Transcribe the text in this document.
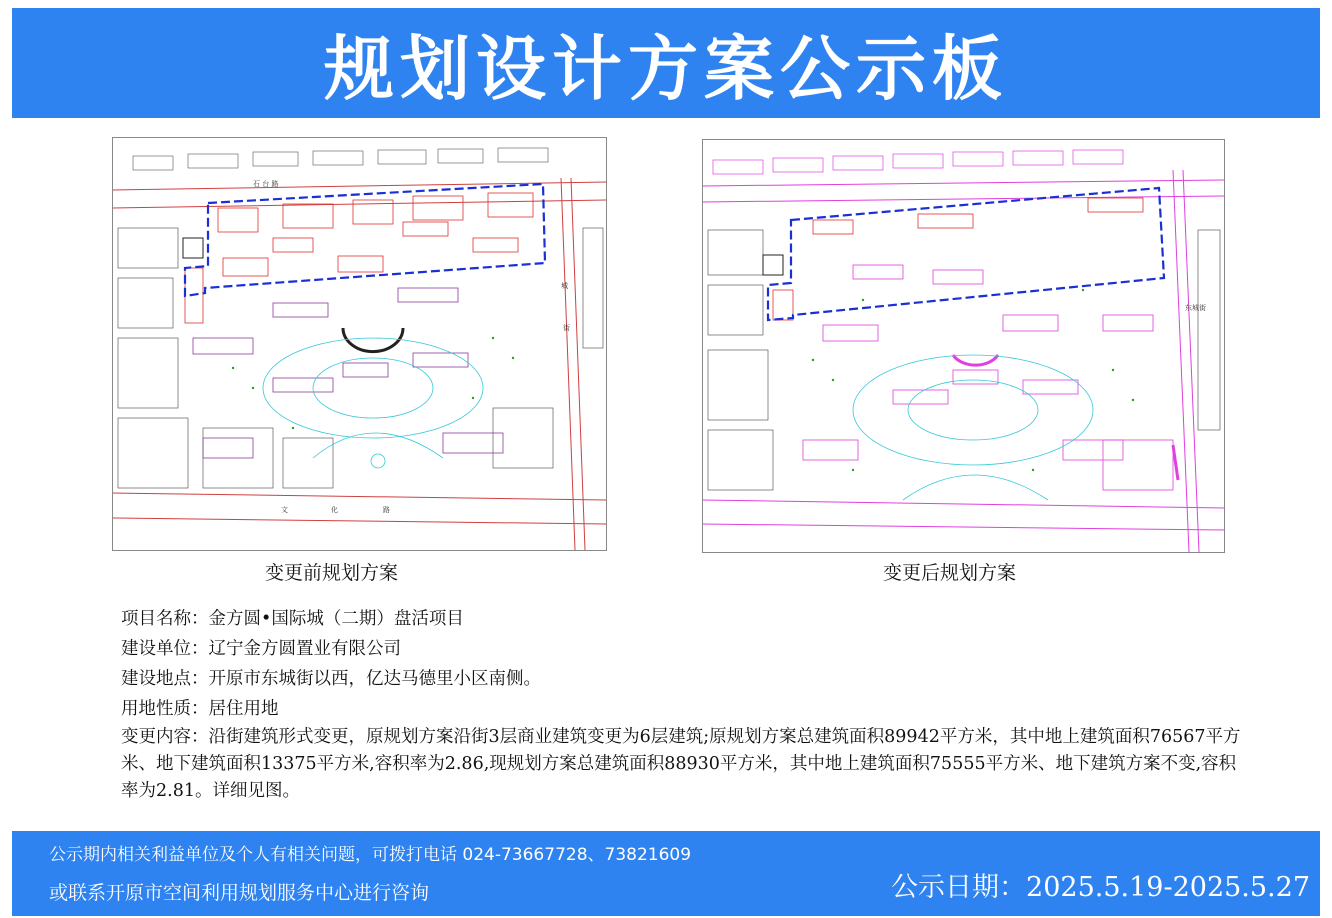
规划设计方案公示板
石 台 路
城
街
文	化	路
变更前规划方案
东城街
变更后规划方案
项目名称：金方圆•国际城（二期）盘活项目
建设单位：辽宁金方圆置业有限公司
建设地点：开原市东城街以西，亿达马德里小区南侧。
用地性质：居住用地
变更内容：沿街建筑形式变更，原规划方案沿街3层商业建筑变更为6层建筑;原规划方案总建筑面积89942平方米，其中地上建筑面积76567平方米、地下建筑面积13375平方米,容积率为2.86,现规划方案总建筑面积88930平方米，其中地上建筑面积75555平方米、地下建筑方案不变,容积率为2.81。详细见图。
公示期内相关利益单位及个人有相关问题，可拨打电话 024-73667728、73821609
或联系开原市空间利用规划服务中心进行咨询	公示日期：2025.5.19-2025.5.27
